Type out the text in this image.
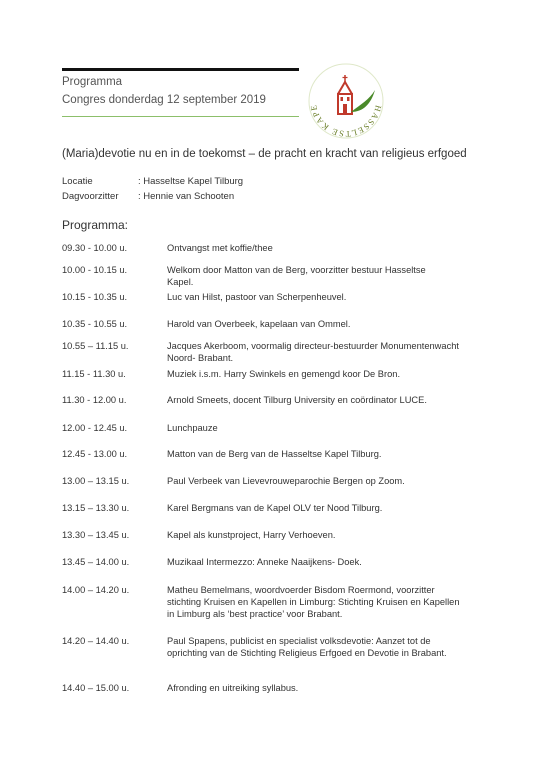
Programma
Congres donderdag 12 september 2019
HASSELTSE KAPE
(Maria)devotie nu en in de toekomst – de pracht en kracht van religieus erfgoed
Locatie	: Hasseltse Kapel Tilburg
Dagvoorzitter : Hennie van Schooten
Programma:
09.30 - 10.00 u.	Ontvangst met koffie/thee
10.00 - 10.15 u.	Welkom door Matton van de Berg, voorzitter bestuur Hasseltse
Kapel.
10.15 - 10.35 u.	Luc van Hilst, pastoor van Scherpenheuvel.
10.35 - 10.55 u.	Harold van Overbeek, kapelaan van Ommel.
10.55 – 11.15 u.	Jacques Akerboom, voormalig directeur-bestuurder Monumentenwacht
Noord- Brabant.
11.15 - 11.30 u.	Muziek i.s.m. Harry Swinkels en gemengd koor De Bron.
11.30 - 12.00 u.	Arnold Smeets, docent Tilburg University en coördinator LUCE.
12.00 - 12.45 u.	Lunchpauze
12.45 - 13.00 u.	Matton van de Berg van de Hasseltse Kapel Tilburg.
13.00 – 13.15 u.	Paul Verbeek van Lievevrouweparochie Bergen op Zoom.
13.15 – 13.30 u.	Karel Bergmans van de Kapel OLV ter Nood Tilburg.
13.30 – 13.45 u.	Kapel als kunstproject, Harry Verhoeven.
13.45 – 14.00 u.	Muzikaal Intermezzo: Anneke Naaijkens- Doek.
14.00 – 14.20 u.	Matheu Bemelmans, woordvoerder Bisdom Roermond, voorzitter
stichting Kruisen en Kapellen in Limburg: Stichting Kruisen en Kapellen
in Limburg als ‘best practice’ voor Brabant.
14.20 – 14.40 u.	Paul Spapens, publicist en specialist volksdevotie: Aanzet tot de
oprichting van de Stichting Religieus Erfgoed en Devotie in Brabant.
14.40 – 15.00 u.	Afronding en uitreiking syllabus.
